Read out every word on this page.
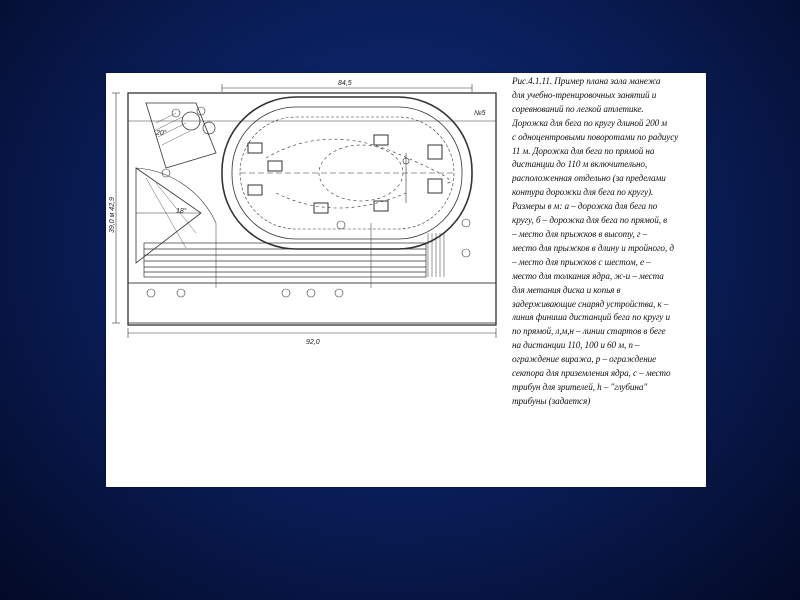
84,5
92,0
№5
39,0 м 42,9
20°
18°
Рис.4.1.11. Пример плана зала манежа
для учебно-тренировочных занятий и
соревнований по легкой атлетике.
Дорожка для бега по кругу длиной 200 м
с одноцентровыми поворотами по радиусу
11 м. Дорожка для бега по прямой на
дистанции до 110 м включительно,
расположенная отдельно (за пределами
контура дорожки для бега по кругу).
Размеры в м: а – дорожка для бега по
кругу, б – дорожка для бега по прямой, в
– место для прыжков в высоту, г –
место для прыжков в длину и тройного, д
– место для прыжков с шестом, е –
место для толкания ядра, ж-и – места
для метания диска и копья в
задерживающие снаряд устройства, к –
линия финиша дистанций бега по кругу и
по прямой, л,м,н – линии стартов в беге
на дистанции 110, 100 и 60 м, п –
ограждение виража, р – ограждение
сектора для приземления ядра, с – место
трибун для зрителей, h – "глубина"
трибуны (задается)
